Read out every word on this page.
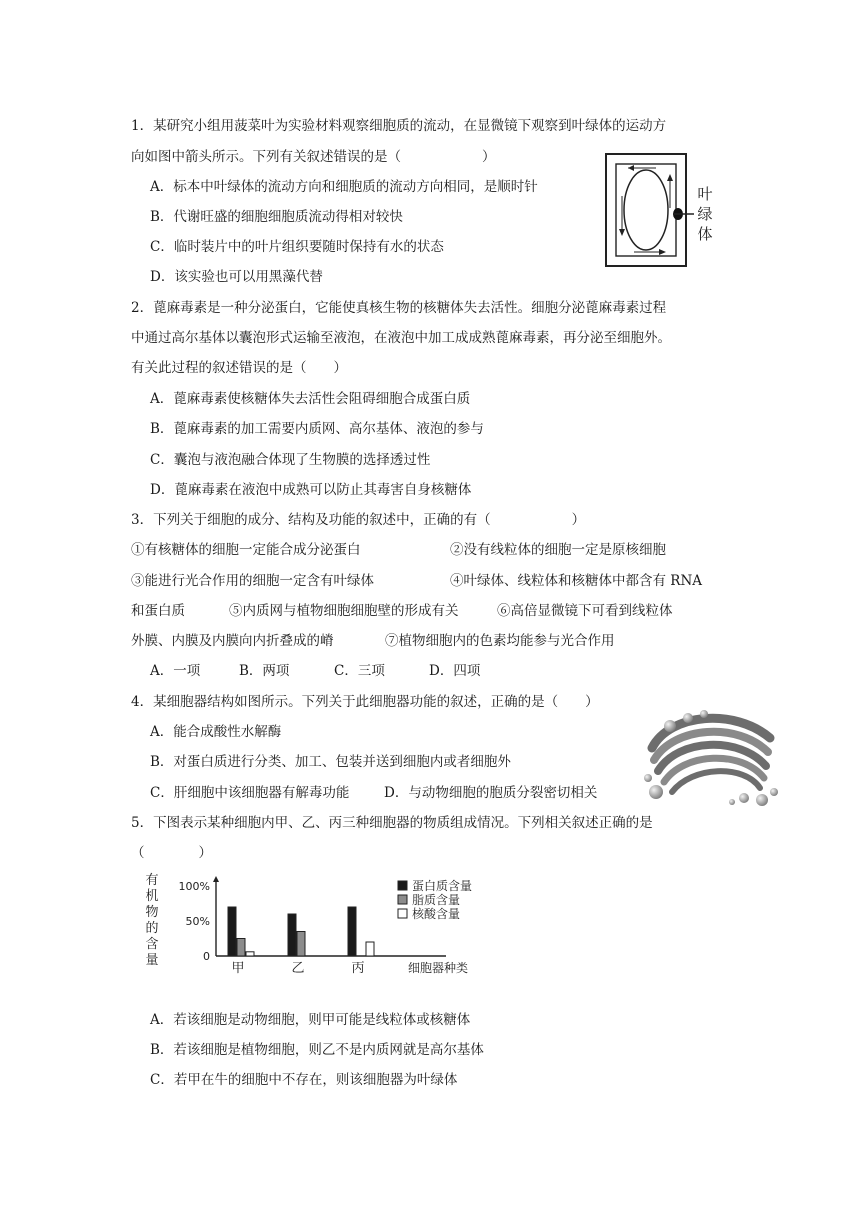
1．某研究小组用菠菜叶为实验材料观察细胞质的流动，在显微镜下观察到叶绿体的运动方
向如图中箭头所示。下列有关叙述错误的是（　　　　　　）
A．标本中叶绿体的流动方向和细胞质的流动方向相同，是顺时针
B．代谢旺盛的细胞细胞质流动得相对较快
C．临时装片中的叶片组织要随时保持有水的状态
D．该实验也可以用黑藻代替
叶
绿
体
2．蓖麻毒素是一种分泌蛋白，它能使真核生物的核糖体失去活性。细胞分泌蓖麻毒素过程
中通过高尔基体以囊泡形式运输至液泡，在液泡中加工成成熟蓖麻毒素，再分泌至细胞外。
有关此过程的叙述错误的是（　　）
A．蓖麻毒素使核糖体失去活性会阻碍细胞合成蛋白质
B．蓖麻毒素的加工需要内质网、高尔基体、液泡的参与
C．囊泡与液泡融合体现了生物膜的选择透过性
D．蓖麻毒素在液泡中成熟可以防止其毒害自身核糖体
3．下列关于细胞的成分、结构及功能的叙述中，正确的有（　　　　　　）
①有核糖体的细胞一定能合成分泌蛋白	②没有线粒体的细胞一定是原核细胞
③能进行光合作用的细胞一定含有叶绿体	④叶绿体、线粒体和核糖体中都含有 RNA
和蛋白质	⑤内质网与植物细胞细胞壁的形成有关	⑥高倍显微镜下可看到线粒体
外膜、内膜及内膜向内折叠成的嵴	⑦植物细胞内的色素均能参与光合作用
A．一项	B．两项	C．三项	D．四项
4．某细胞器结构如图所示。下列关于此细胞器功能的叙述，正确的是（　　）
A．能合成酸性水解酶
B．对蛋白质进行分类、加工、包装并送到细胞内或者细胞外
C．肝细胞中该细胞器有解毒功能	D．与动物细胞的胞质分裂密切相关
5．下图表示某种细胞内甲、乙、丙三种细胞器的物质组成情况。下列相关叙述正确的是
（　　　　）
有
机
物
的
含
量
100%
50%
0
甲	乙	丙	细胞器种类
蛋白质含量
脂质含量
核酸含量
A．若该细胞是动物细胞，则甲可能是线粒体或核糖体
B．若该细胞是植物细胞，则乙不是内质网就是高尔基体
C．若甲在牛的细胞中不存在，则该细胞器为叶绿体
